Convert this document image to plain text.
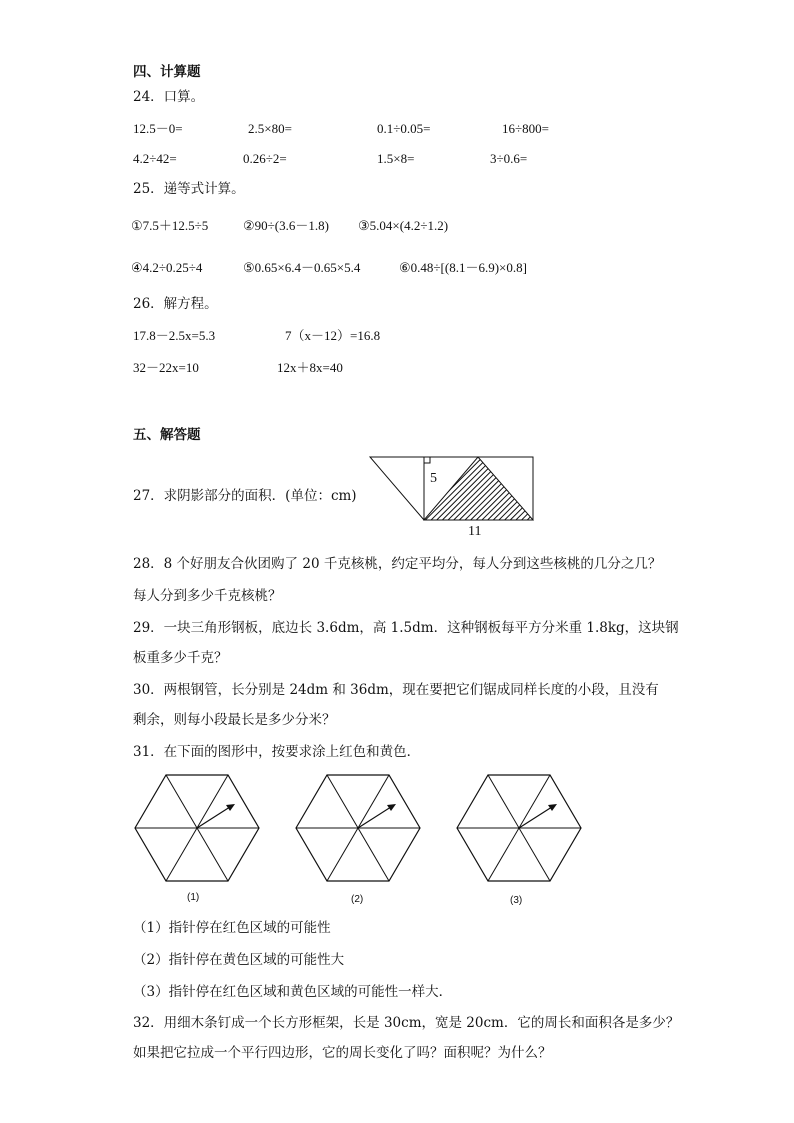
四、计算题
24．口算。
12.5－0=	2.5×80=	0.1÷0.05=	16÷800=
4.2÷42=	0.26÷2=	1.5×8=	3÷0.6=
25．递等式计算。
①7.5＋12.5÷5	②90÷(3.6－1.8) ③5.04×(4.2÷1.2)
④4.2÷0.25÷4	⑤0.65×6.4－0.65×5.4	⑥0.48÷[(8.1－6.9)×0.8]
26．解方程。
17.8－2.5x=5.3	7（x－12）=16.8
32－22x=10	12x＋8x=40
五、解答题
27．求阴影部分的面积．(单位：cm)
5
11
28．8 个好朋友合伙团购了 20 千克核桃，约定平均分，每人分到这些核桃的几分之几？
每人分到多少千克核桃？
29．一块三角形钢板，底边长 3.6dm，高 1.5dm．这种钢板每平方分米重 1.8kg，这块钢
板重多少千克？
30．两根钢管，长分别是 24dm 和 36dm，现在要把它们锯成同样长度的小段，且没有
剩余，则每小段最长是多少分米？
31．在下面的图形中，按要求涂上红色和黄色．
(1)	(2)	(3)
（1）指针停在红色区域的可能性
（2）指针停在黄色区域的可能性大
（3）指针停在红色区域和黄色区域的可能性一样大．
32．用细木条钉成一个长方形框架，长是 30cm，宽是 20cm．它的周长和面积各是多少？
如果把它拉成一个平行四边形，它的周长变化了吗？面积呢？为什么？
